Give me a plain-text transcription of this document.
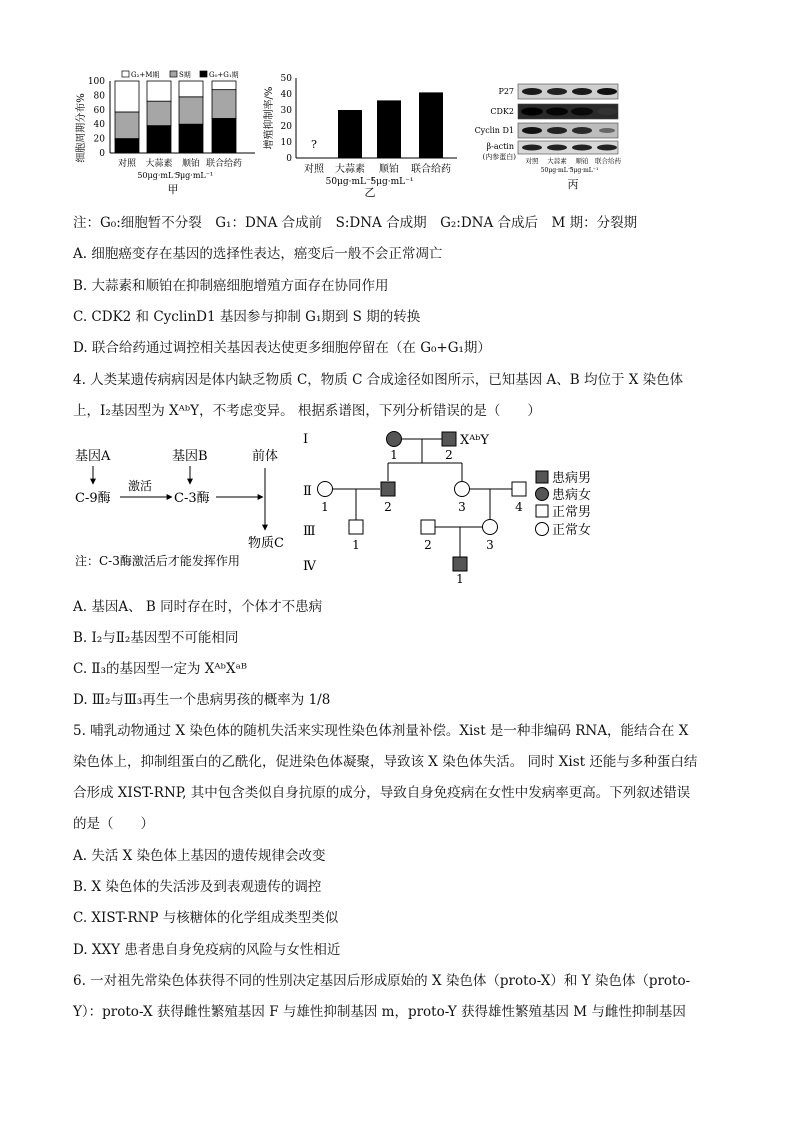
细胞周期分布%
100
80
60
40
20
0
G₂+M期	S期	G₀+G₁期
对照 大蒜素 顺铂 联合给药
50μg·mL⁻¹
5μg·mL⁻¹
甲
增殖抑制率/%
50
40
30
20
10
0
?
对照 大蒜素 顺铂 联合给药
50μg·mL⁻¹
5μg·mL⁻¹
乙
P27
CDK2
Cyclin D1
β-actin
(内参蛋白) 对照 大蒜素 顺铂 联合给药
50μg·mL⁻¹
5μg·mL⁻¹
丙
注：G₀:细胞暂不分裂　G₁：DNA 合成前　S:DNA 合成期　G₂:DNA 合成后　M 期：分裂期
A. 细胞癌变存在基因的选择性表达，癌变后一般不会正常凋亡
B. 大蒜素和顺铂在抑制癌细胞增殖方面存在协同作用
C. CDK2 和 CyclinD1 基因参与抑制 G₁期到 S 期的转换
D. 联合给药通过调控相关基因表达使更多细胞停留在（在 G₀+G₁期）
4. 人类某遗传病病因是体内缺乏物质 C，物质 C 合成途径如图所示，已知基因 A、B 均位于 X 染色体
上，I₂基因型为 XᴬᵇY，不考虑变异。 根据系谱图，下列分析错误的是（　　）
基因A	基因B	前体
C-9酶
激活
C-3酶
物质C
注：C-3酶激活后才能发挥作用
Ⅰ
Ⅱ
Ⅲ
Ⅳ
XᴬᵇY
1	2
1	2	3	4
1	2	3
1
患病男
患病女
正常男
正常女
A. 基因A、 B 同时存在时，个体才不患病
B. I₂与Ⅱ₂基因型不可能相同
C. Ⅱ₃的基因型一定为 XᴬᵇXᵃᴮ
D. Ⅲ₂与Ⅲ₃再生一个患病男孩的概率为 1/8
5. 哺乳动物通过 X 染色体的随机失活来实现性染色体剂量补偿。Xist 是一种非编码 RNA，能结合在 X
染色体上，抑制组蛋白的乙酰化，促进染色体凝聚，导致该 X 染色体失活。 同时 Xist 还能与多种蛋白结
合形成 XIST-RNP, 其中包含类似自身抗原的成分，导致自身免疫病在女性中发病率更高。下列叙述错误
的是（　　）
A. 失活 X 染色体上基因的遗传规律会改变
B. X 染色体的失活涉及到表观遗传的调控
C. XIST-RNP 与核糖体的化学组成类型类似
D. XXY 患者患自身免疫病的风险与女性相近
6. 一对祖先常染色体获得不同的性别决定基因后形成原始的 X 染色体（proto-X）和 Y 染色体（proto-
Y）：proto-X 获得雌性繁殖基因 F 与雄性抑制基因 m，proto-Y 获得雄性繁殖基因 M 与雌性抑制基因
